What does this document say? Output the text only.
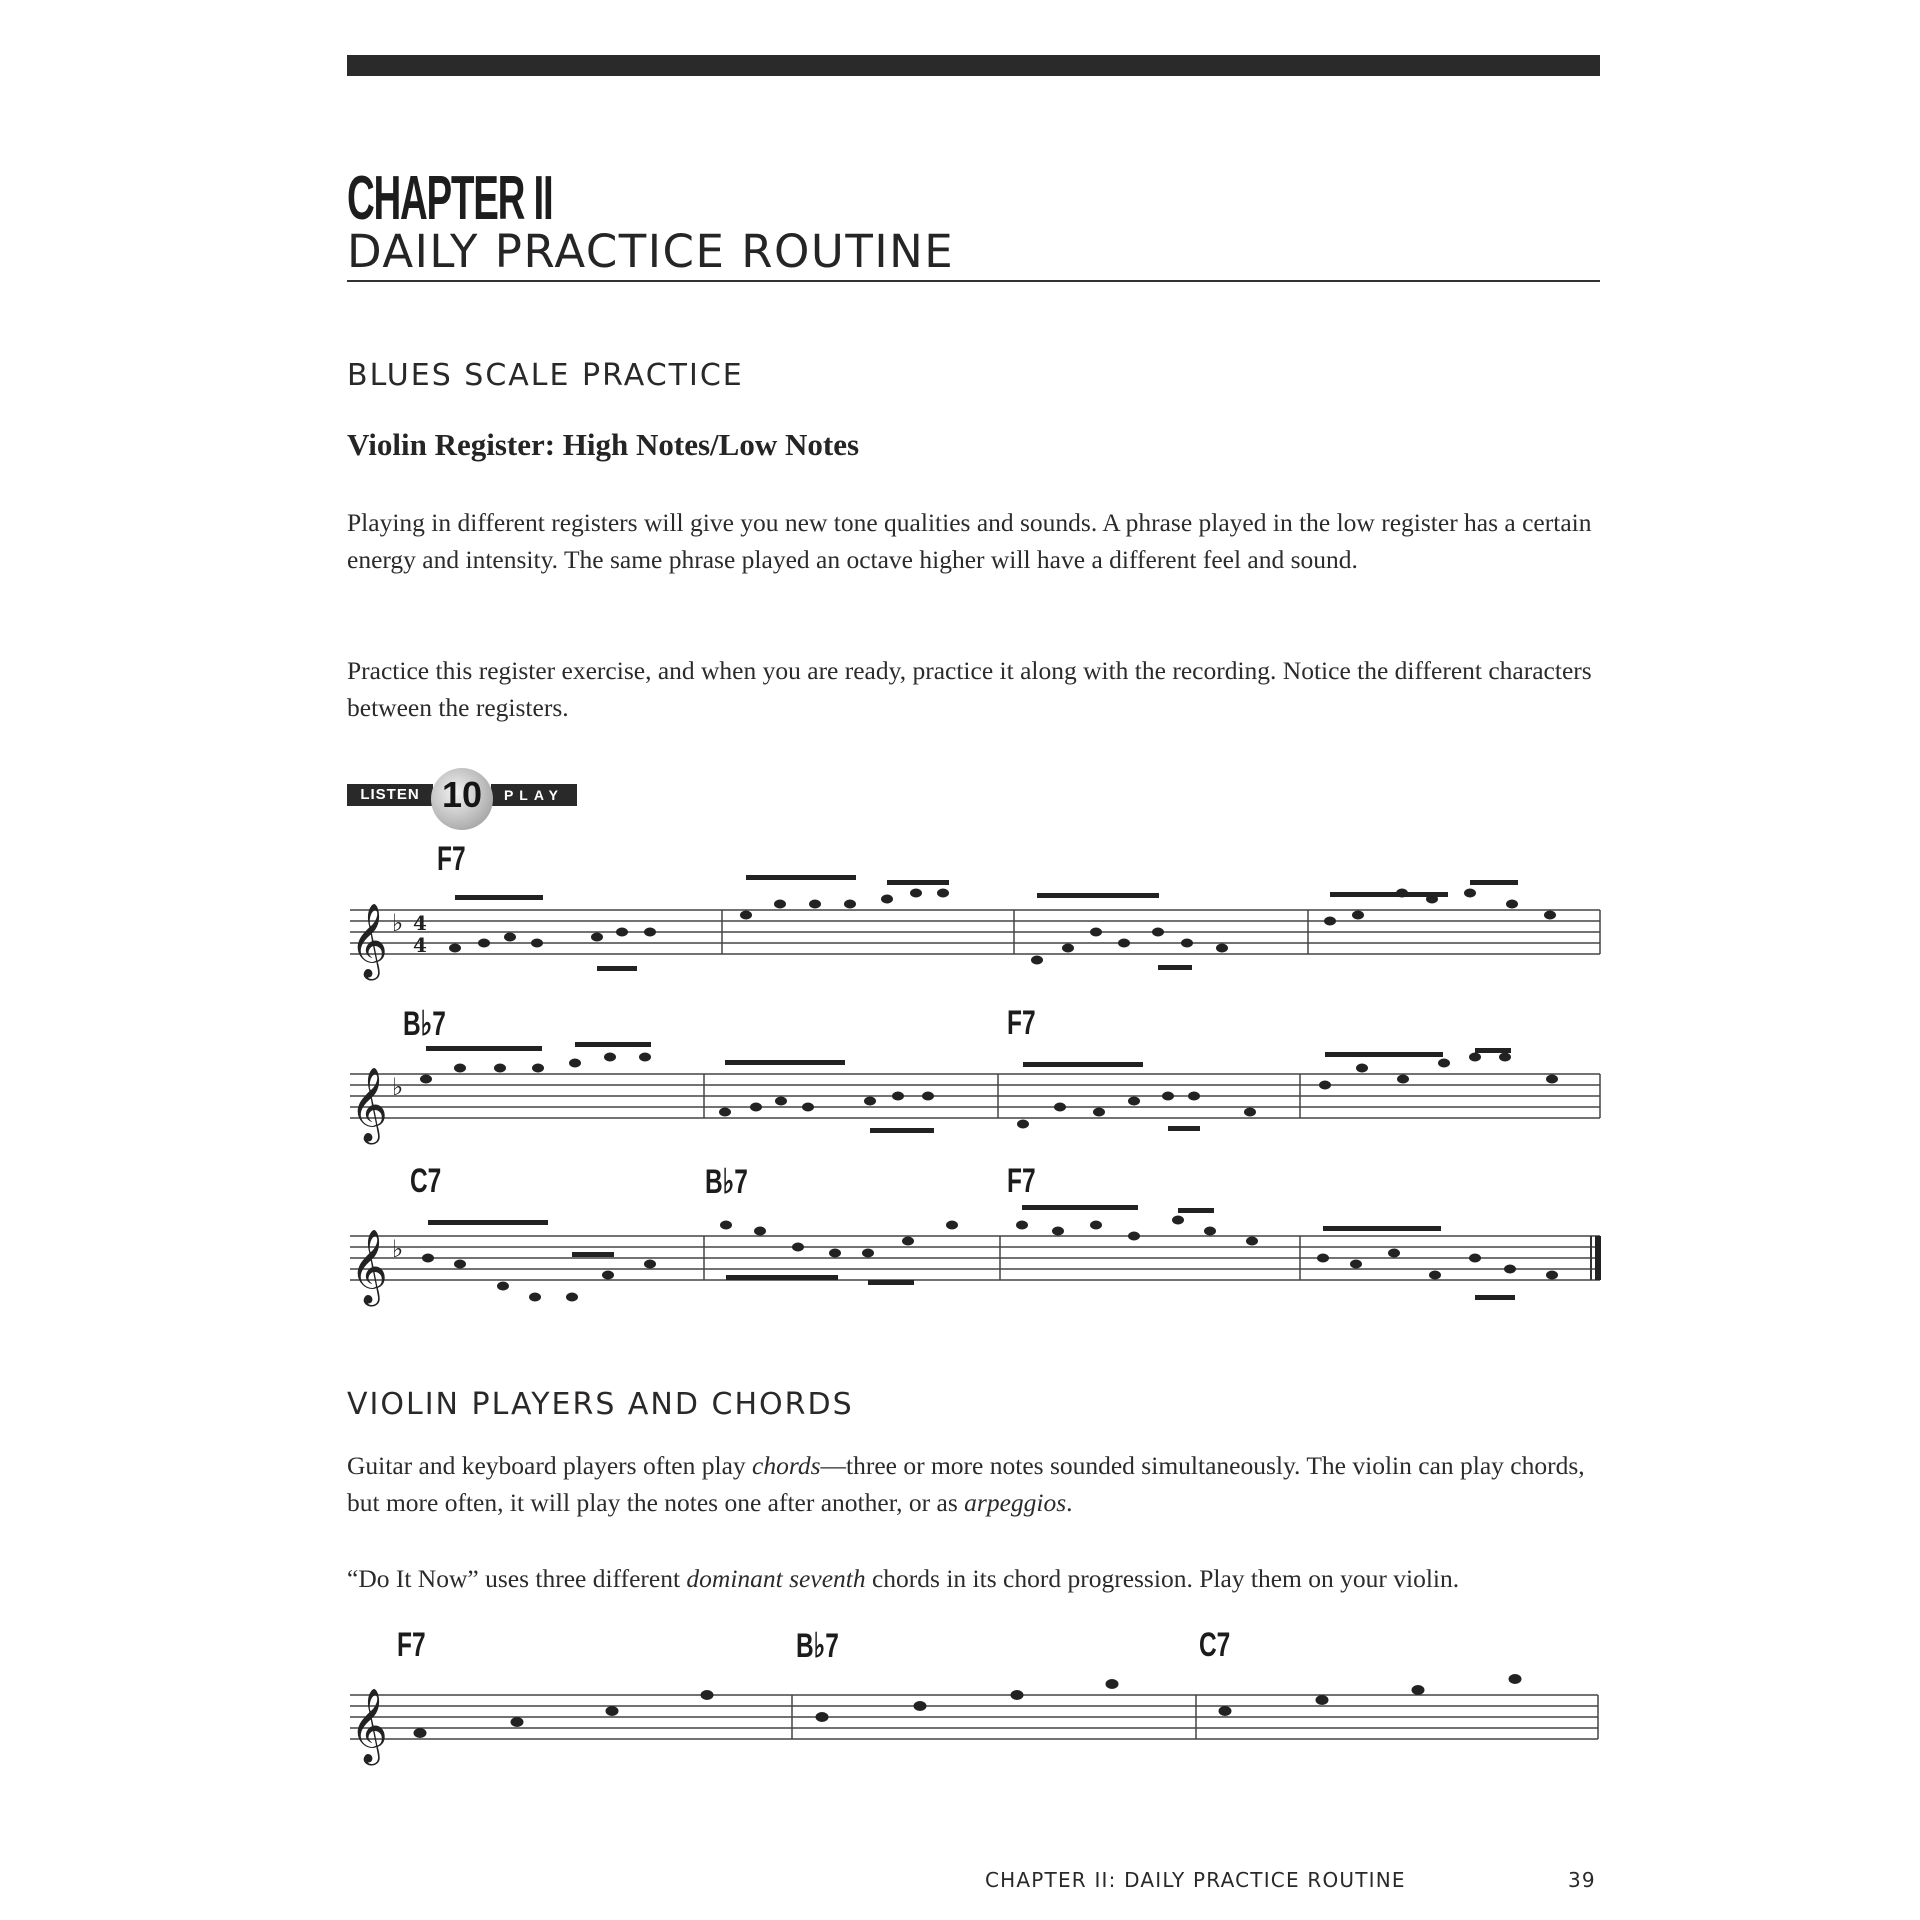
CHAPTER II
DAILY PRACTICE ROUTINE
BLUES SCALE PRACTICE
Violin Register: High Notes/Low Notes
Playing in different registers will give you new tone qualities and sounds. A phrase played in the low register has a certain energy and intensity. The same phrase played an octave higher will have a different feel and sound.
Practice this register exercise, and when you are ready, practice it along with the recording. Notice the different characters between the registers.
LISTEN	PLAY
10
F7
B♭7	F7
C7	B♭7	F7
𝄞 ♭ 4
4
𝄞 ♭
𝄞 ♭
VIOLIN PLAYERS AND CHORDS
Guitar and keyboard players often play chords—three or more notes sounded simultaneously. The violin can play chords, but more often, it will play the notes one after another, or as arpeggios.
“Do It Now” uses three different dominant seventh chords in its chord progression. Play them on your violin.
F7	B♭7	C7
𝄞
CHAPTER II: DAILY PRACTICE ROUTINE	39
